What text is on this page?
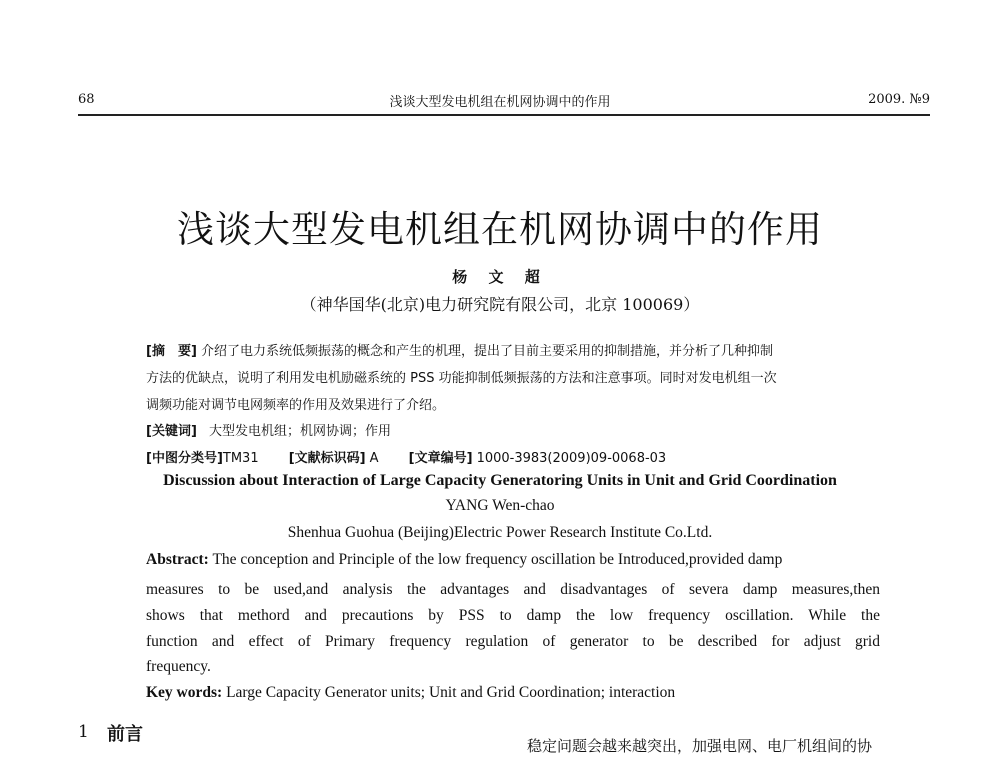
68	浅谈大型发电机组在机网协调中的作用	2009. №9
浅谈大型发电机组在机网协调中的作用
杨 文 超
（神华国华(北京)电力研究院有限公司，北京 100069）
[摘　要] 介绍了电力系统低频振荡的概念和产生的机理，提出了目前主要采用的抑制措施，并分析了几种抑制
方法的优缺点，说明了利用发电机励磁系统的 PSS 功能抑制低频振荡的方法和注意事项。同时对发电机组一次
调频功能对调节电网频率的作用及效果进行了介绍。
[关键词] 大型发电机组；机网协调；作用
[中图分类号]TM31 [文献标识码] A [文章编号] 1000-3983(2009)09-0068-03
Discussion about Interaction of Large Capacity Generatoring Units in Unit and Grid Coordination
YANG Wen-chao
Shenhua Guohua (Beijing)Electric Power Research Institute Co.Ltd.
Abstract: The conception and Principle of the low frequency oscillation be Introduced,provided damp
measures to be used,and analysis the advantages and disadvantages of severa damp measures,then
shows that methord and precautions by PSS to damp the low frequency oscillation. While the
function and effect of Primary frequency regulation of generator to be described for adjust grid
frequency.
Key words: Large Capacity Generator units; Unit and Grid Coordination; interaction
1 前言
稳定问题会越来越突出，加强电网、电厂机组间的协
